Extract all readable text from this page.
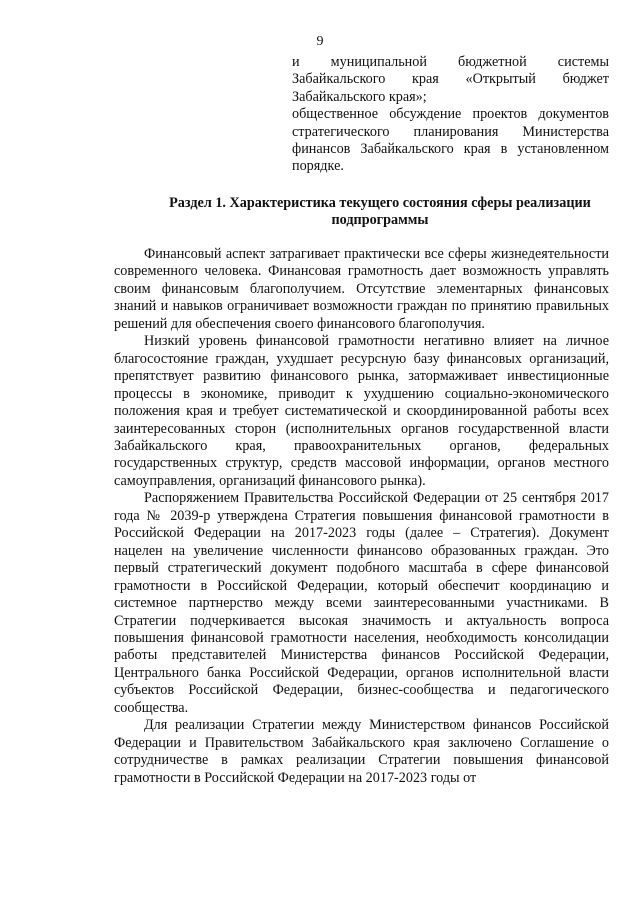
9

и муниципальной бюджетной системы Забайкальского края «Открытый бюджет Забайкальского края»;

общественное обсуждение проектов документов стратегического планирования Министерства финансов Забайкальского края в установленном порядке.

Раздел 1. Характеристика текущего состояния сферы реализации подпрограммы

Финансовый аспект затрагивает практически все сферы жизнедеятельности современного человека. Финансовая грамотность дает возможность управлять своим финансовым благополучием. Отсутствие элементарных финансовых знаний и навыков ограничивает возможности граждан по принятию правильных решений для обеспечения своего финансового благополучия.

Низкий уровень финансовой грамотности негативно влияет на личное благосостояние граждан, ухудшает ресурсную базу финансовых организаций, препятствует развитию финансового рынка, затормаживает инвестиционные процессы в экономике, приводит к ухудшению социально-экономического положения края и требует систематической и скоординированной работы всех заинтересованных сторон (исполнительных органов государственной власти Забайкальского края, правоохранительных органов, федеральных государственных структур, средств массовой информации, органов местного самоуправления, организаций финансового рынка).

Распоряжением Правительства Российской Федерации от 25 сентября 2017 года № 2039-р утверждена Стратегия повышения финансовой грамотности в Российской Федерации на 2017-2023 годы (далее – Стратегия). Документ нацелен на увеличение численности финансово образованных граждан. Это первый стратегический документ подобного масштаба в сфере финансовой грамотности в Российской Федерации, который обеспечит координацию и системное партнерство между всеми заинтересованными участниками. В Стратегии подчеркивается высокая значимость и актуальность вопроса повышения финансовой грамотности населения, необходимость консолидации работы представителей Министерства финансов Российской Федерации, Центрального банка Российской Федерации, органов исполнительной власти субъектов Российской Федерации, бизнес-сообщества и педагогического сообщества.

Для реализации Стратегии между Министерством финансов Российской Федерации и Правительством Забайкальского края заключено Соглашение о сотрудничестве в рамках реализации Стратегии повышения финансовой грамотности в Российской Федерации на 2017-2023 годы от
